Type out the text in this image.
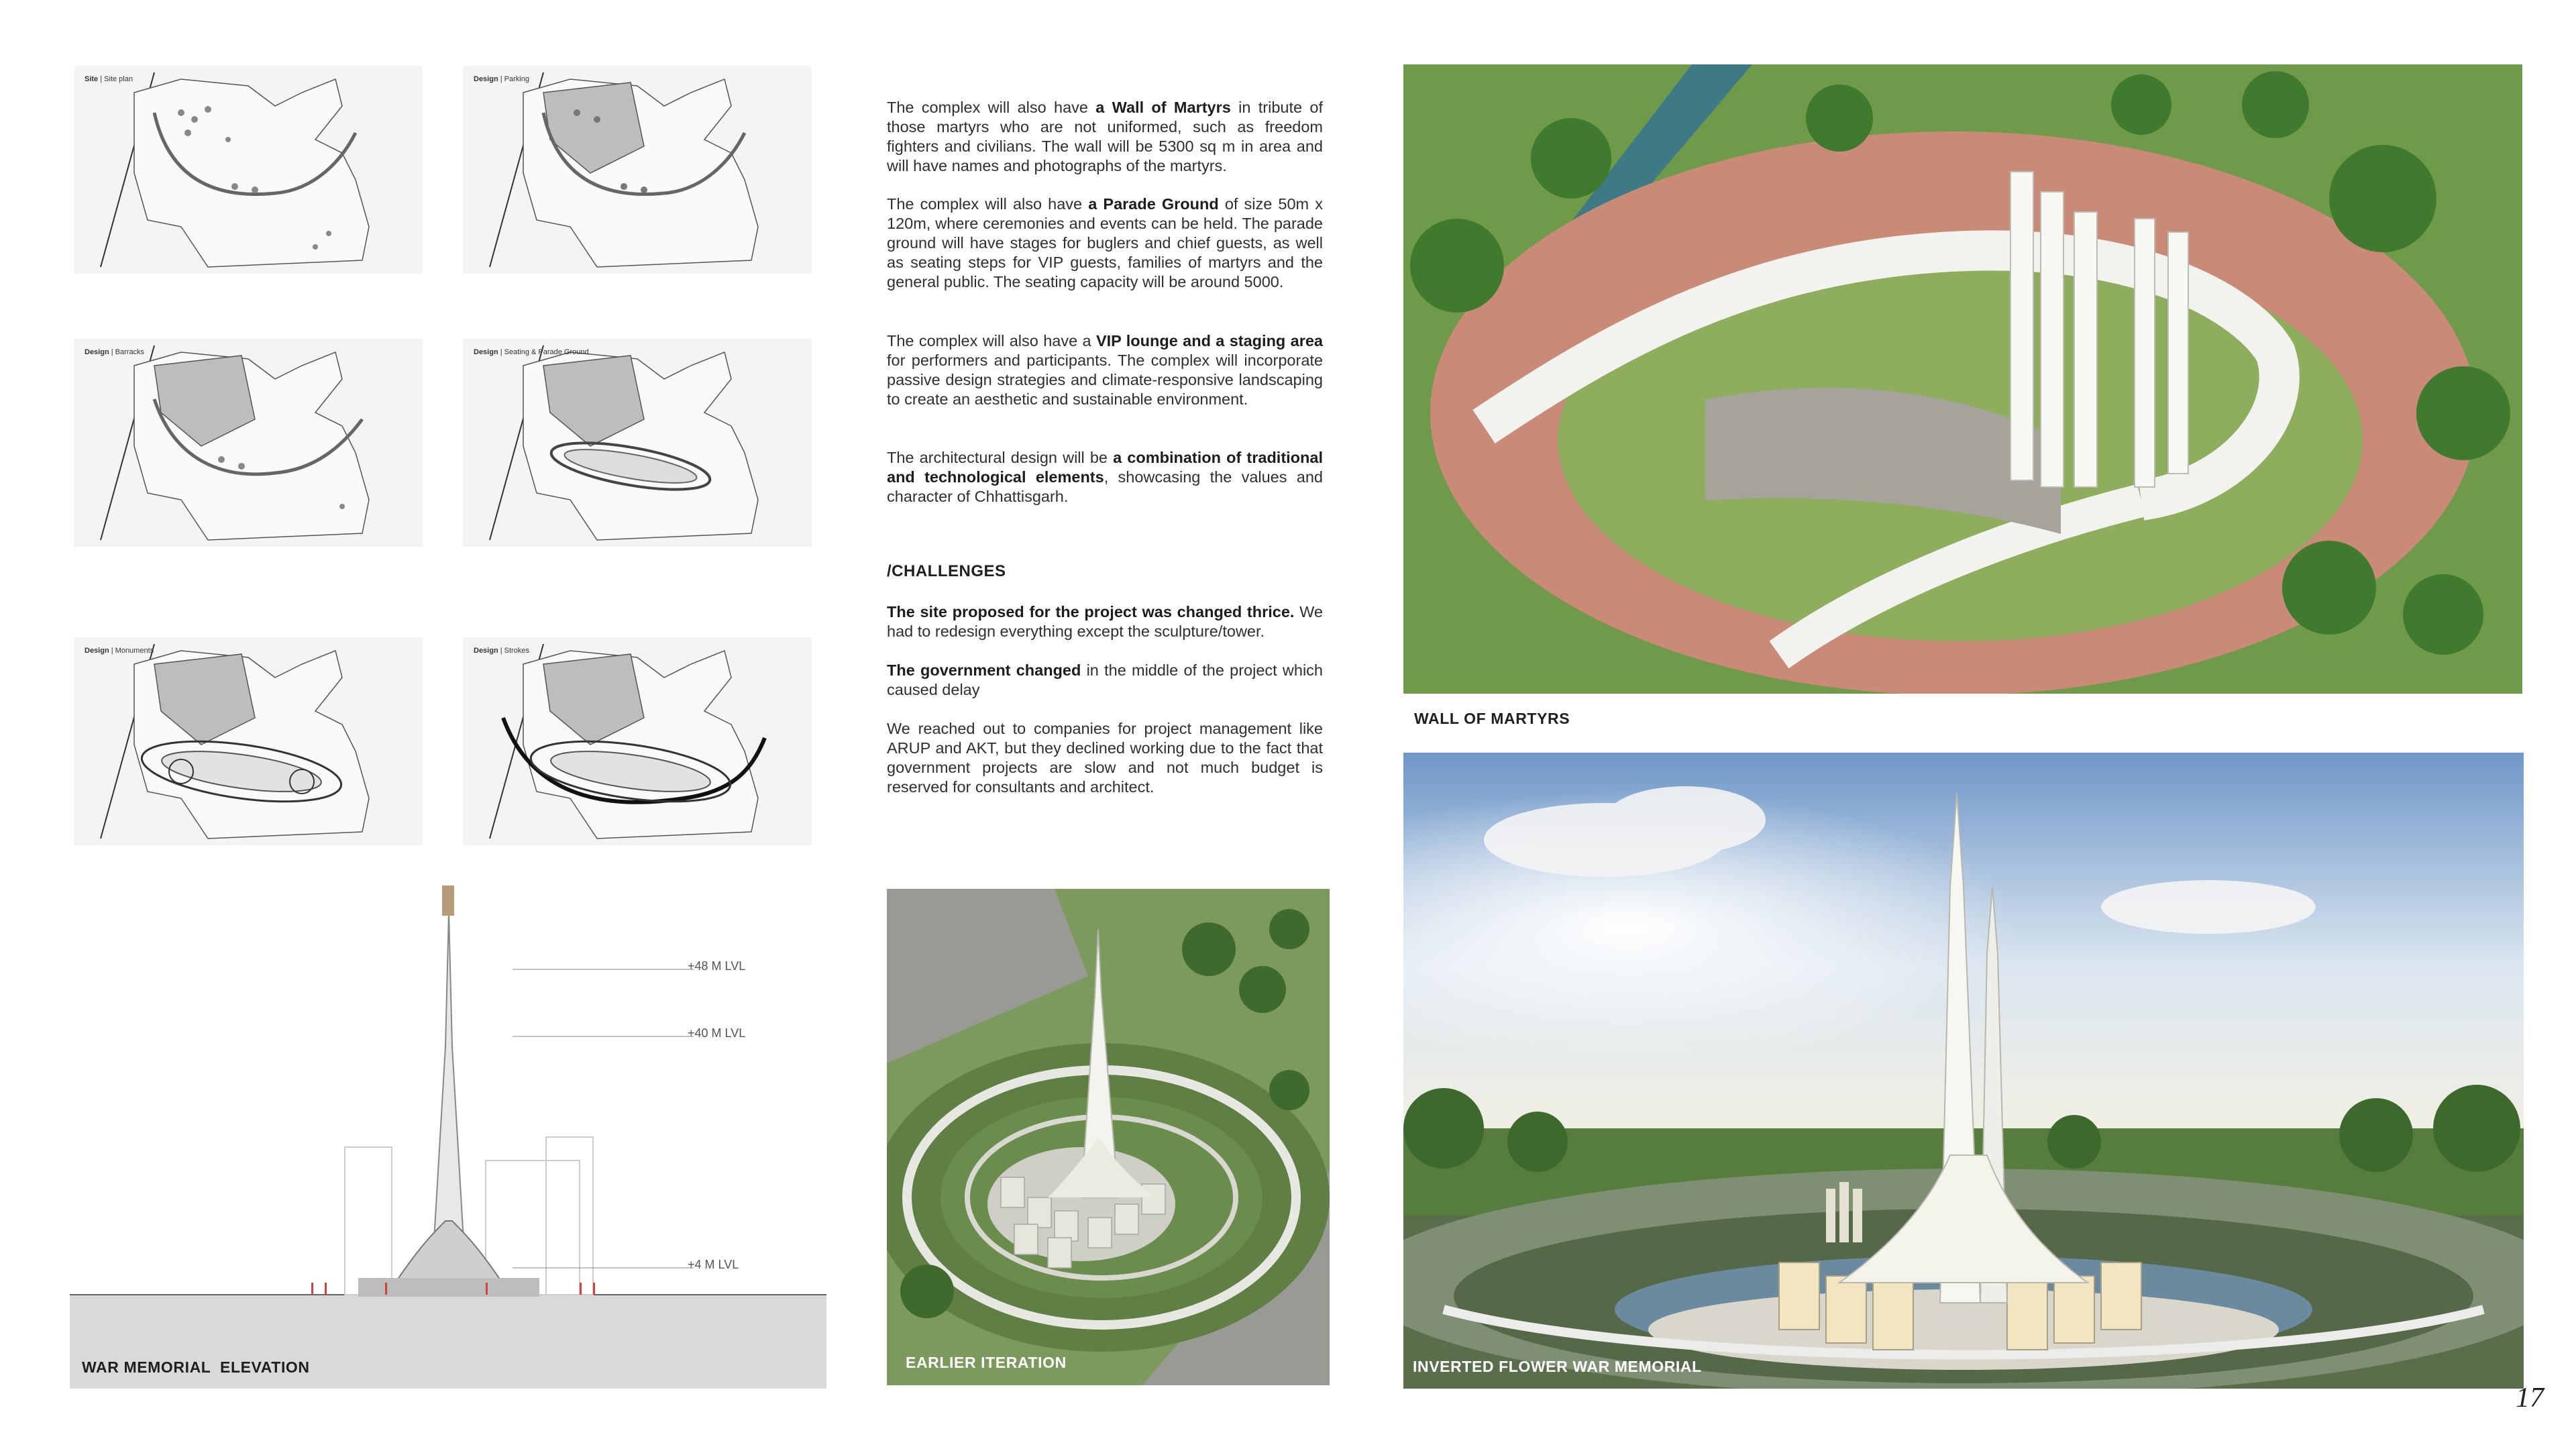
Site | Site plan	Design | Parking
Design | Barracks	Design | Seating & Parade Ground
Design | Monuments	Design | Strokes
+48 M LVL
+40 M LVL
+4 M LVL
WAR MEMORIAL  ELEVATION
The complex will also have a Wall of Martyrs in tribute of those martyrs who are not uniformed, such as freedom fighters and civilians. The wall will be 5300 sq m in area and will have names and photographs of the martyrs.
The complex will also have a Parade Ground of size 50m x 120m, where ceremonies and events can be held. The parade ground will have stages for buglers and chief guests, as well as seating steps for VIP guests, families of martyrs and the general public. The seating capacity will be around 5000.
The complex will also have a VIP lounge and a staging area for performers and participants. The complex will incorporate passive design strategies and climate-responsive landscaping to create an aesthetic and sustainable environment.
The architectural design will be a combination of traditional and technological elements, showcasing the values and character of Chhattisgarh.
/CHALLENGES
The site proposed for the project was changed thrice. We had to redesign everything except the sculpture/tower.
The government changed in the middle of the project which caused delay
We reached out to companies for project management like ARUP and AKT, but they declined working due to the fact that government projects are slow and not much budget is reserved for consultants and architect.
EARLIER ITERATION
WALL OF MARTYRS
INVERTED FLOWER WAR MEMORIAL
17
